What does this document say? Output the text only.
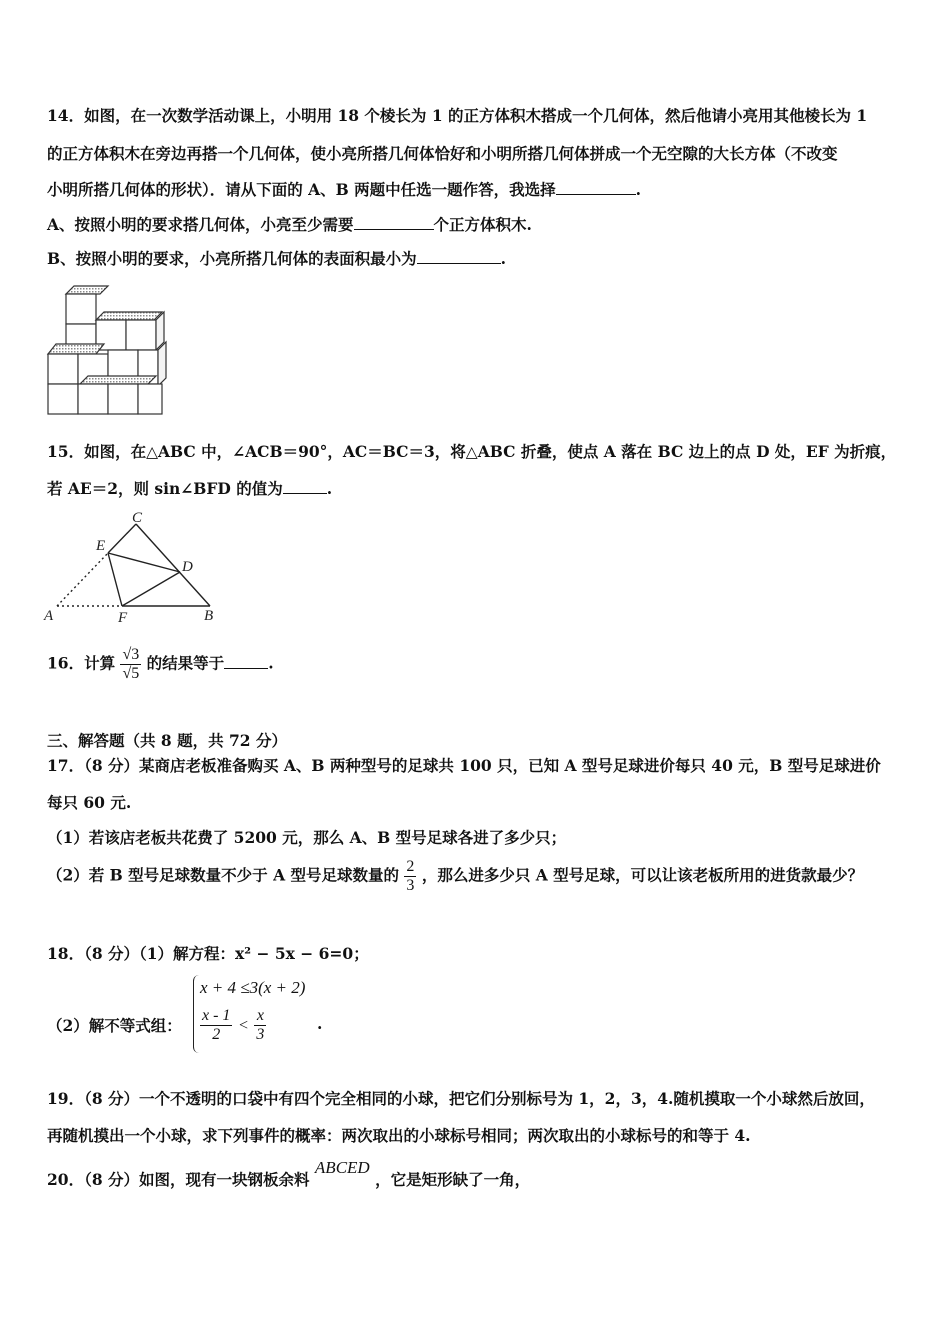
14．如图，在一次数学活动课上，小明用 18 个棱长为 1 的正方体积木搭成一个几何体，然后他请小亮用其他棱长为 1
的正方体积木在旁边再搭一个几何体，使小亮所搭几何体恰好和小明所搭几何体拼成一个无空隙的大长方体（不改变
小明所搭几何体的形状）．请从下面的 A、B 两题中任选一题作答，我选择	.
A、按照小明的要求搭几何体，小亮至少需要	个正方体积木.
B、按照小明的要求，小亮所搭几何体的表面积最小为	.
15．如图，在△ABC 中，∠ACB＝90°，AC＝BC＝3，将△ABC 折叠，使点 A 落在 BC 边上的点 D 处，EF 为折痕，
若 AE＝2，则 sin∠BFD 的值为	.
C
E
D
A	F	B
16．计算 $\frac{√3}{√5}$ 的结果等于	.
三、解答题（共 8 题，共 72 分）
17．（8 分）某商店老板准备购买 A、B 两种型号的足球共 100 只，已知 A 型号足球进价每只 40 元，B 型号足球进价
每只 60 元.
（1）若该店老板共花费了 5200 元，那么 A、B 型号足球各进了多少只；
（2）若 B 型号足球数量不少于 A 型号足球数量的 $\frac{2}{3}$ ，那么进多少只 A 型号足球，可以让该老板所用的进货款最少？
18．（8 分）（1）解方程：x² − 5x − 6=0；
（2）解不等式组：
x + 4 ≤3(x + 2)
$\frac{x - 1}{2} < \frac{x}{3}$	.
19．（8 分）一个不透明的口袋中有四个完全相同的小球，把它们分别标号为 1，2，3，4.随机摸取一个小球然后放回，
再随机摸出一个小球，求下列事件的概率：两次取出的小球标号相同；两次取出的小球标号的和等于 4.
20．（8 分）如图，现有一块钢板余料 ABCED ，它是矩形缺了一角，
